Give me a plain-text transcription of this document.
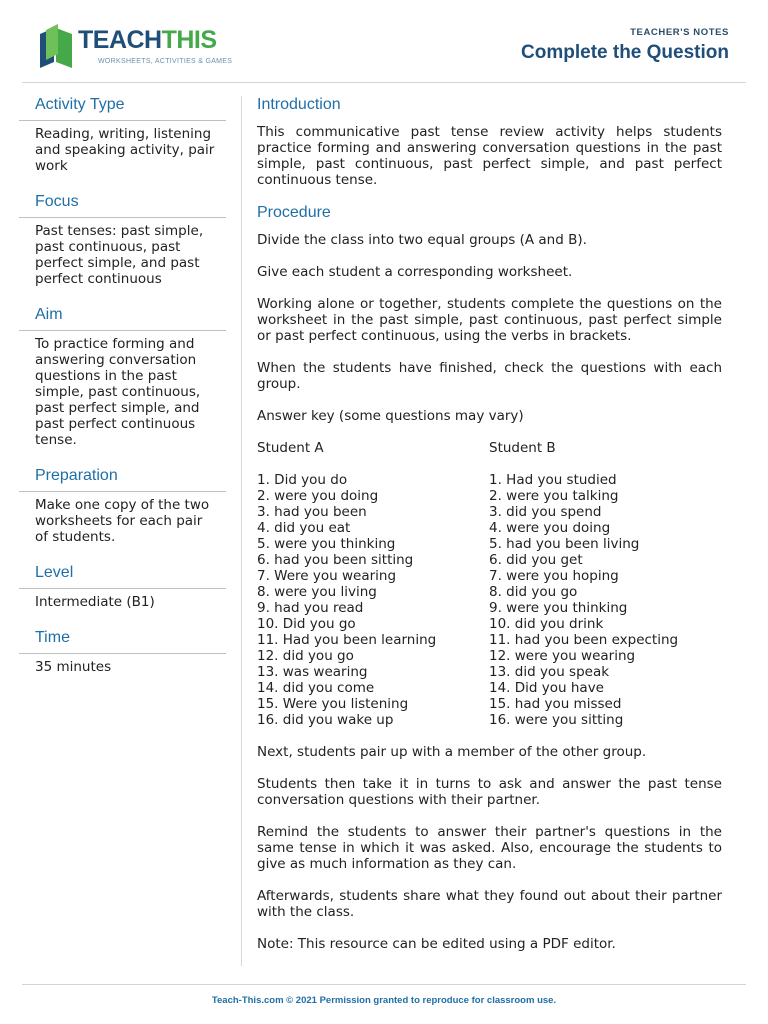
TEACHTHIS
WORKSHEETS, ACTIVITIES & GAMES
TEACHER'S NOTES
Complete the Question
Activity Type
Reading, writing, listening and speaking activity, pair work
Focus
Past tenses: past simple, past continuous, past perfect simple, and past perfect continuous
Aim
To practice forming and answering conversation questions in the past simple, past continuous, past perfect simple, and past perfect continuous tense.
Preparation
Make one copy of the two worksheets for each pair of students.
Level
Intermediate (B1)
Time
35 minutes
Introduction

This communicative past tense review activity helps students practice forming and answering conversation questions in the past simple, past continuous, past perfect simple, and past perfect continuous tense.

Procedure

Divide the class into two equal groups (A and B).

Give each student a corresponding worksheet.

Working alone or together, students complete the questions on the worksheet in the past simple, past continuous, past perfect simple or past perfect continuous, using the verbs in brackets.

When the students have finished, check the questions with each group.

Answer key (some questions may vary)

Student A
1. Did you do
2. were you doing
3. had you been
4. did you eat
5. were you thinking
6. had you been sitting
7. Were you wearing
8. were you living
9. had you read
10. Did you go
11. Had you been learning
12. did you go
13. was wearing
14. did you come
15. Were you listening
16. did you wake up
Student B
1. Had you studied
2. were you talking
3. did you spend
4. were you doing
5. had you been living
6. did you get
7. were you hoping
8. did you go
9. were you thinking
10. did you drink
11. had you been expecting
12. were you wearing
13. did you speak
14. Did you have
15. had you missed
16. were you sitting

Next, students pair up with a member of the other group.

Students then take it in turns to ask and answer the past tense conversation questions with their partner.

Remind the students to answer their partner's questions in the same tense in which it was asked. Also, encourage the students to give as much information as they can.

Afterwards, students share what they found out about their partner with the class.

Note: This resource can be edited using a PDF editor.

Teach-This.com © 2021 Permission granted to reproduce for classroom use.
